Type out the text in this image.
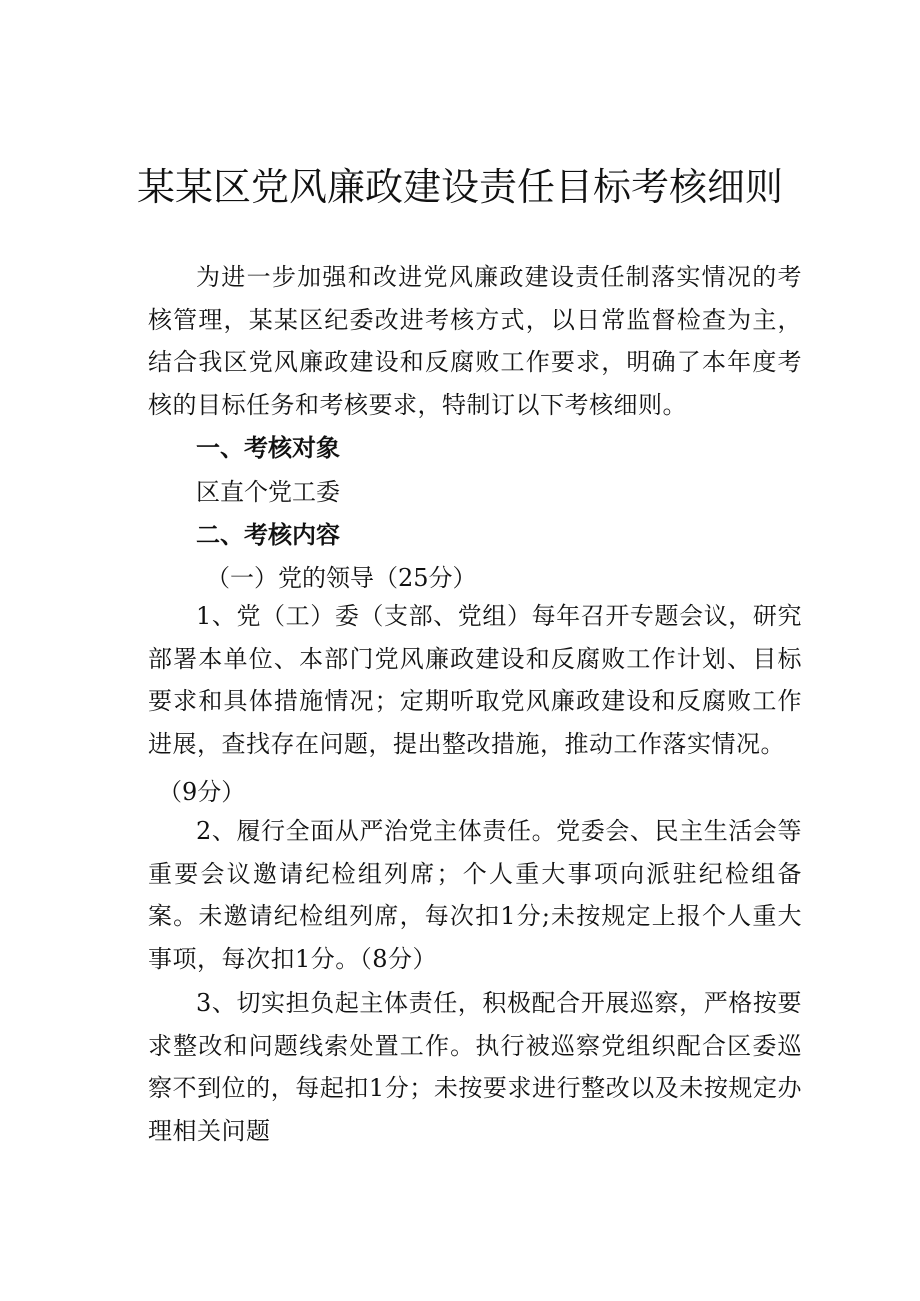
某某区党风廉政建设责任目标考核细则
为进一步加强和改进党风廉政建设责任制落实情况的考核管理，某某区纪委改进考核方式，以日常监督检查为主，结合我区党风廉政建设和反腐败工作要求，明确了本年度考核的目标任务和考核要求，特制订以下考核细则。
一、考核对象
区直个党工委
二、考核内容
（一）党的领导（25分）
1、党（工）委（支部、党组）每年召开专题会议，研究部署本单位、本部门党风廉政建设和反腐败工作计划、目标要求和具体措施情况；定期听取党风廉政建设和反腐败工作进展，查找存在问题，提出整改措施，推动工作落实情况。
（9分）
2、履行全面从严治党主体责任。党委会、民主生活会等重要会议邀请纪检组列席；个人重大事项向派驻纪检组备案。未邀请纪检组列席，每次扣1分;未按规定上报个人重大事项，每次扣1分。（8分）
3、切实担负起主体责任，积极配合开展巡察，严格按要求整改和问题线索处置工作。执行被巡察党组织配合区委巡察不到位的，每起扣1分；未按要求进行整改以及未按规定办理相关问题
